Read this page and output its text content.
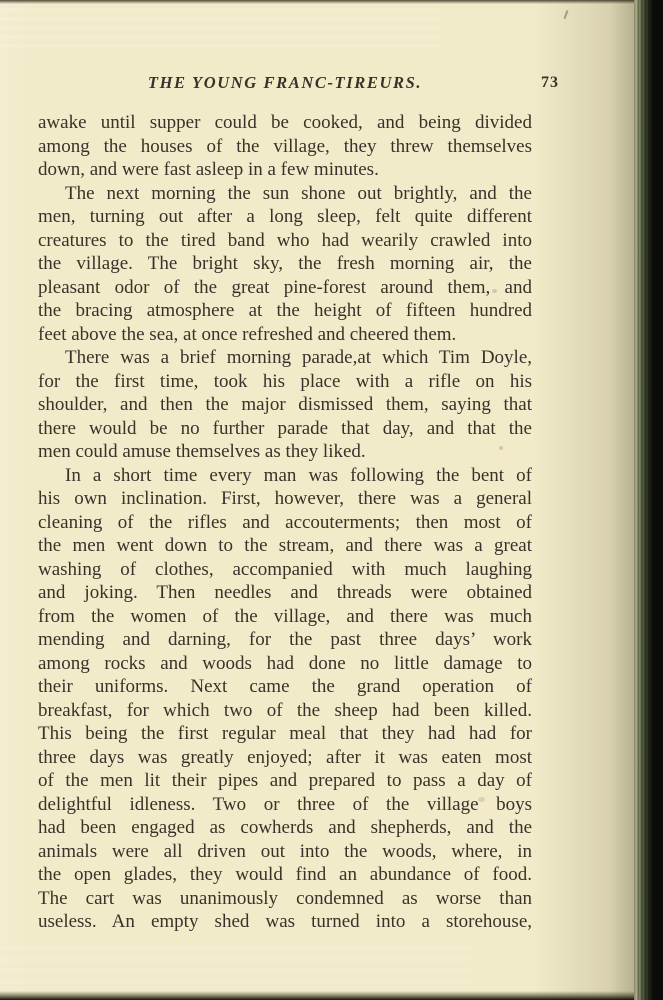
THE YOUNG FRANC-TIREURS.	73
awake until supper could be cooked, and being divided
among the houses of the village, they threw themselves
down, and were fast asleep in a few minutes.
The next morning the sun shone out brightly, and the
men, turning out after a long sleep, felt quite different
creatures to the tired band who had wearily crawled into
the village. The bright sky, the fresh morning air, the
pleasant odor of the great pine-forest around them, and
the bracing atmosphere at the height of fifteen hundred
feet above the sea, at once refreshed and cheered them.
There was a brief morning parade,at which Tim Doyle,
for the first time, took his place with a rifle on his
shoulder, and then the major dismissed them, saying that
there would be no further parade that day, and that the
men could amuse themselves as they liked.
In a short time every man was following the bent of
his own inclination. First, however, there was a general
cleaning of the rifles and accouterments; then most of
the men went down to the stream, and there was a great
washing of clothes, accompanied with much laughing
and joking. Then needles and threads were obtained
from the women of the village, and there was much
mending and darning, for the past three days’ work
among rocks and woods had done no little damage to
their uniforms. Next came the grand operation of
breakfast, for which two of the sheep had been killed.
This being the first regular meal that they had had for
three days was greatly enjoyed; after it was eaten most
of the men lit their pipes and prepared to pass a day of
delightful idleness. Two or three of the village boys
had been engaged as cowherds and shepherds, and the
animals were all driven out into the woods, where, in
the open glades, they would find an abundance of food.
The cart was unanimously condemned as worse than
useless. An empty shed was turned into a storehouse,
